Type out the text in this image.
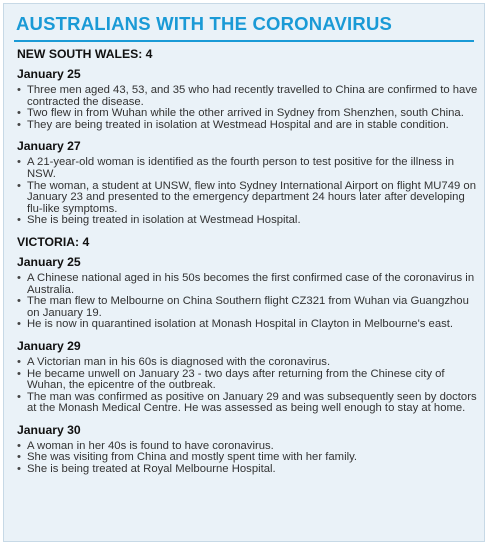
AUSTRALIANS WITH THE CORONAVIRUS
NEW SOUTH WALES: 4
January 25
• Three men aged 43, 53, and 35 who had recently travelled to China are confirmed to have contracted the disease.
• Two flew in from Wuhan while the other arrived in Sydney from Shenzhen, south China.
• They are being treated in isolation at Westmead Hospital and are in stable condition.
January 27
• A 21-year-old woman is identified as the fourth person to test positive for the illness in NSW.
• The woman, a student at UNSW, flew into Sydney International Airport on flight MU749 on January 23 and presented to the emergency department 24 hours later after developing flu-like symptoms.
• She is being treated in isolation at Westmead Hospital.
VICTORIA: 4
January 25
• A Chinese national aged in his 50s becomes the first confirmed case of the coronavirus in Australia.
• The man flew to Melbourne on China Southern flight CZ321 from Wuhan via Guangzhou on January 19.
• He is now in quarantined isolation at Monash Hospital in Clayton in Melbourne's east.
January 29
• A Victorian man in his 60s is diagnosed with the coronavirus.
• He became unwell on January 23 - two days after returning from the Chinese city of Wuhan, the epicentre of the outbreak.
• The man was confirmed as positive on January 29 and was subsequently seen by doctors at the Monash Medical Centre. He was assessed as being well enough to stay at home.
January 30
• A woman in her 40s is found to have coronavirus.
• She was visiting from China and mostly spent time with her family.
• She is being treated at Royal Melbourne Hospital.
